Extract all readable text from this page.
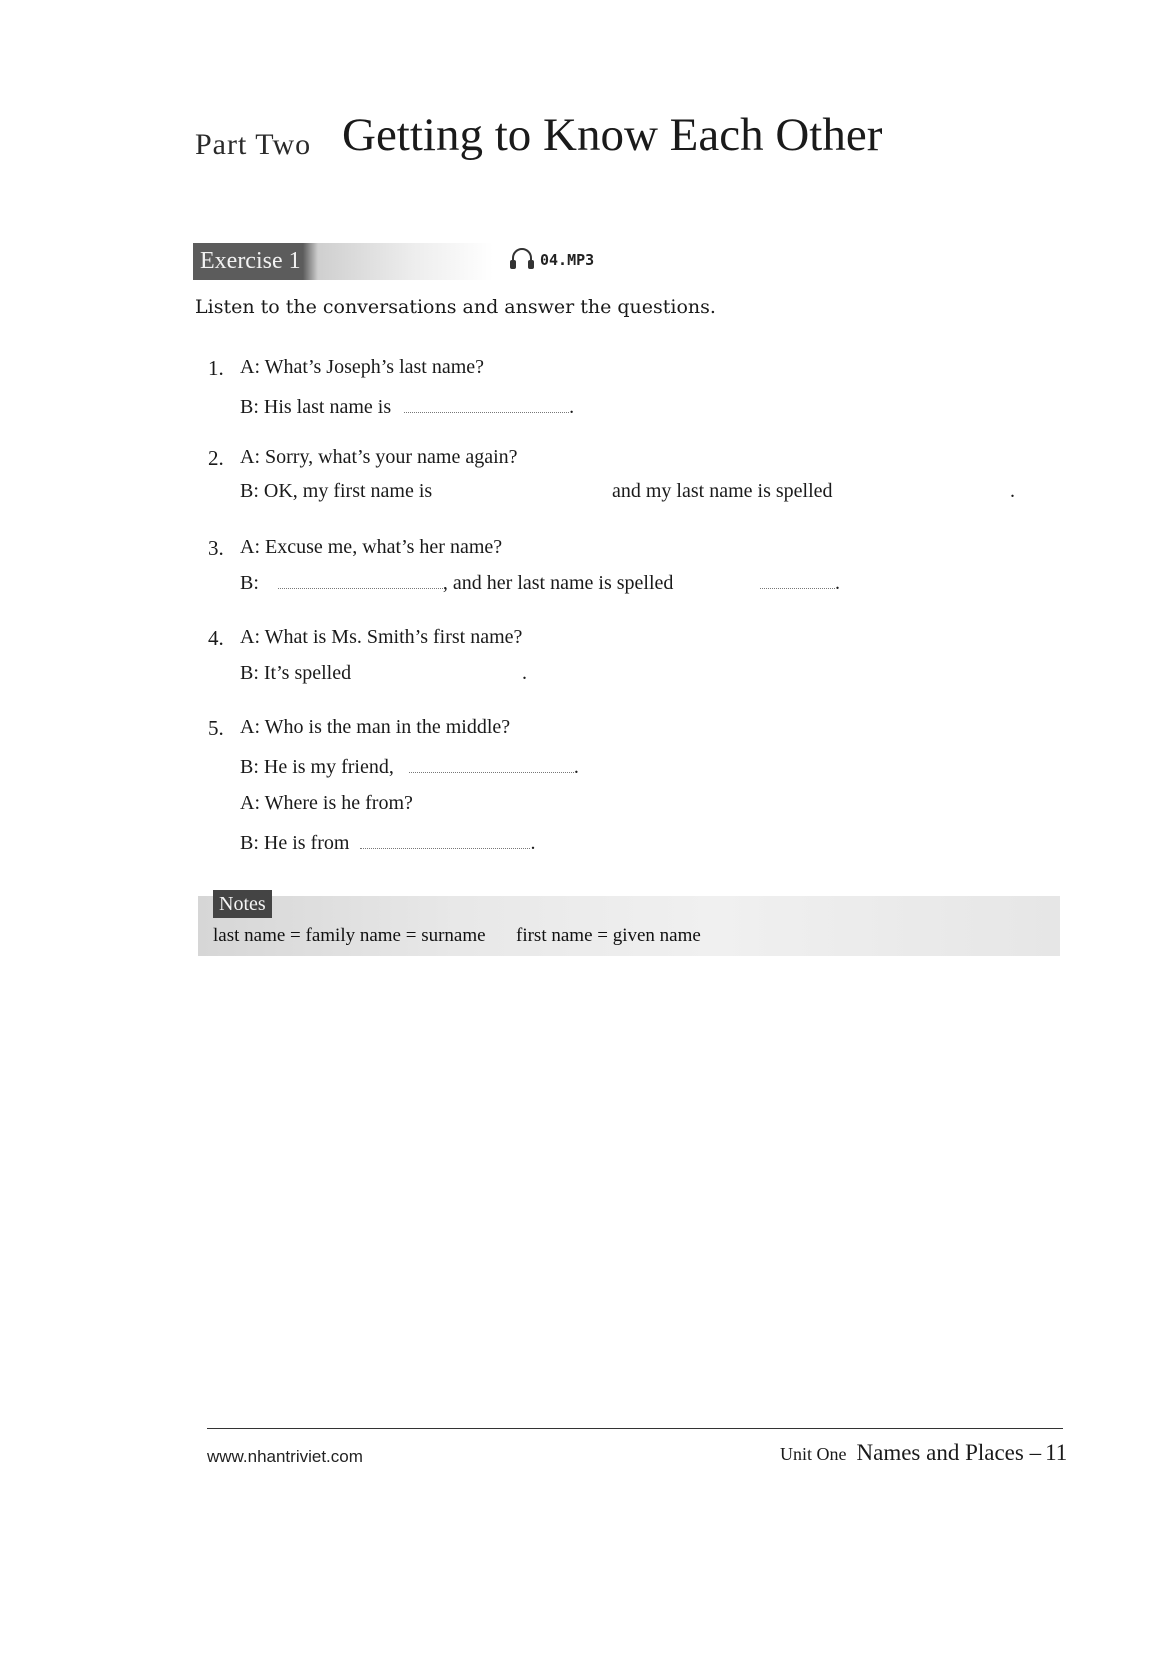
Part Two Getting to Know Each Other
Exercise 1	04.MP3
Listen to the conversations and answer the questions.
1. A: What’s Joseph’s last name?
B: His last name is	.
2. A: Sorry, what’s your name again?
B: OK, my first name is	and my last name is spelled	.
3. A: Excuse me, what’s her name?
B:	, and her last name is spelled	.
4. A: What is Ms. Smith’s first name?
B: It’s spelled	.
5. A: Who is the man in the middle?
B: He is my friend,	.
A: Where is he from?
B: He is from	.
Notes
last name = family name = surname first name = given name
www.nhantriviet.com	Unit One Names and Places – 11
